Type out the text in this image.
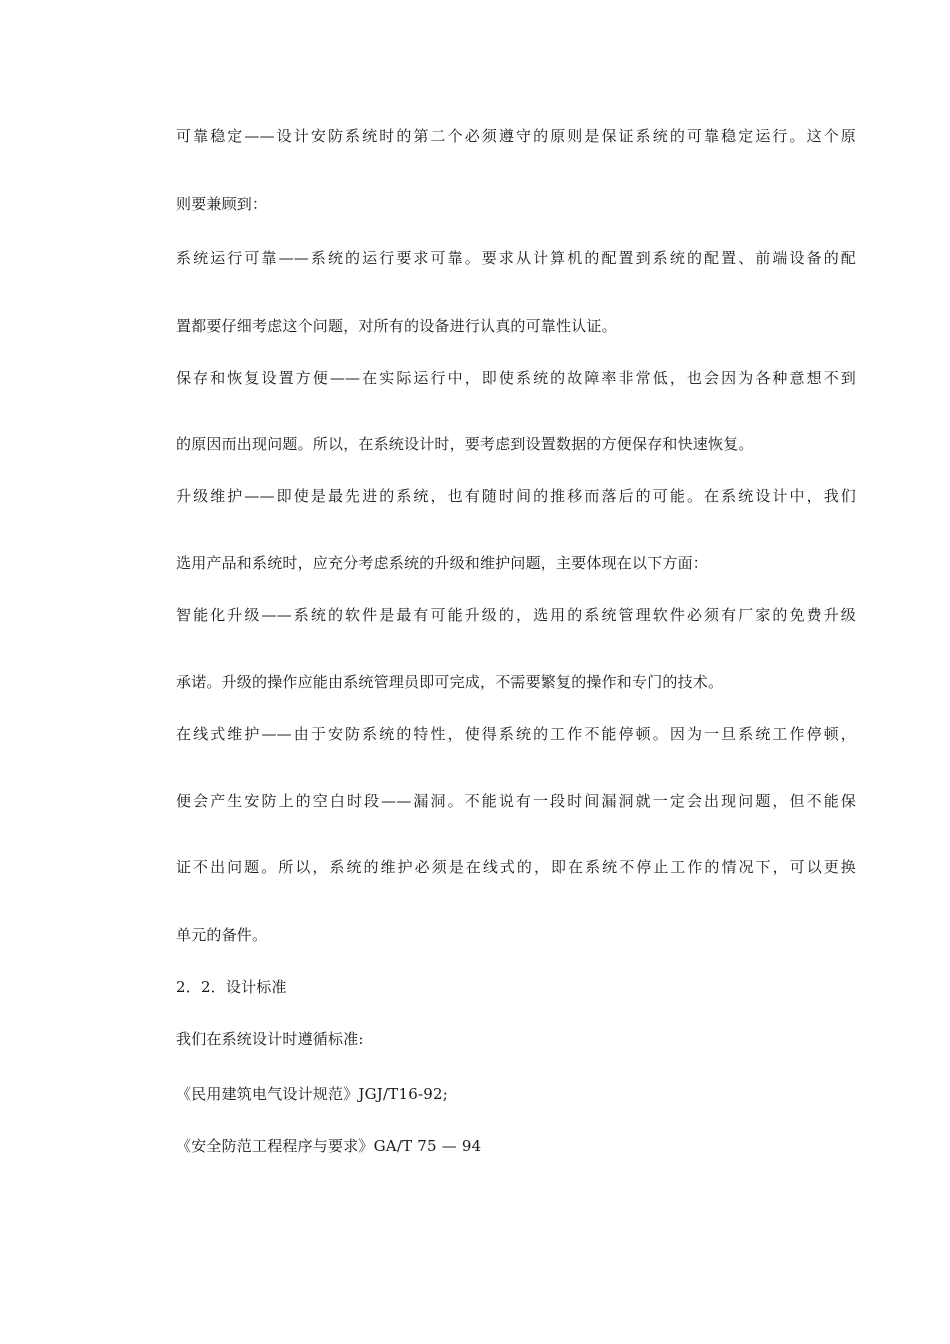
可靠稳定——设计安防系统时的第二个必须遵守的原则是保证系统的可靠稳定运行。这个原
则要兼顾到：
系统运行可靠——系统的运行要求可靠。要求从计算机的配置到系统的配置、前端设备的配
置都要仔细考虑这个问题，对所有的设备进行认真的可靠性认证。
保存和恢复设置方便——在实际运行中，即使系统的故障率非常低，也会因为各种意想不到
的原因而出现问题。所以，在系统设计时，要考虑到设置数据的方便保存和快速恢复。
升级维护——即使是最先进的系统，也有随时间的推移而落后的可能。在系统设计中，我们
选用产品和系统时，应充分考虑系统的升级和维护问题，主要体现在以下方面：
智能化升级——系统的软件是最有可能升级的，选用的系统管理软件必须有厂家的免费升级
承诺。升级的操作应能由系统管理员即可完成，不需要繁复的操作和专门的技术。
在线式维护——由于安防系统的特性，使得系统的工作不能停顿。因为一旦系统工作停顿，
便会产生安防上的空白时段——漏洞。不能说有一段时间漏洞就一定会出现问题，但不能保
证不出问题。所以，系统的维护必须是在线式的，即在系统不停止工作的情况下，可以更换
单元的备件。
2．2．设计标准
我们在系统设计时遵循标准:
《民用建筑电气设计规范》JGJ/T16-92;
《安全防范工程程序与要求》GA/T 75 — 94
